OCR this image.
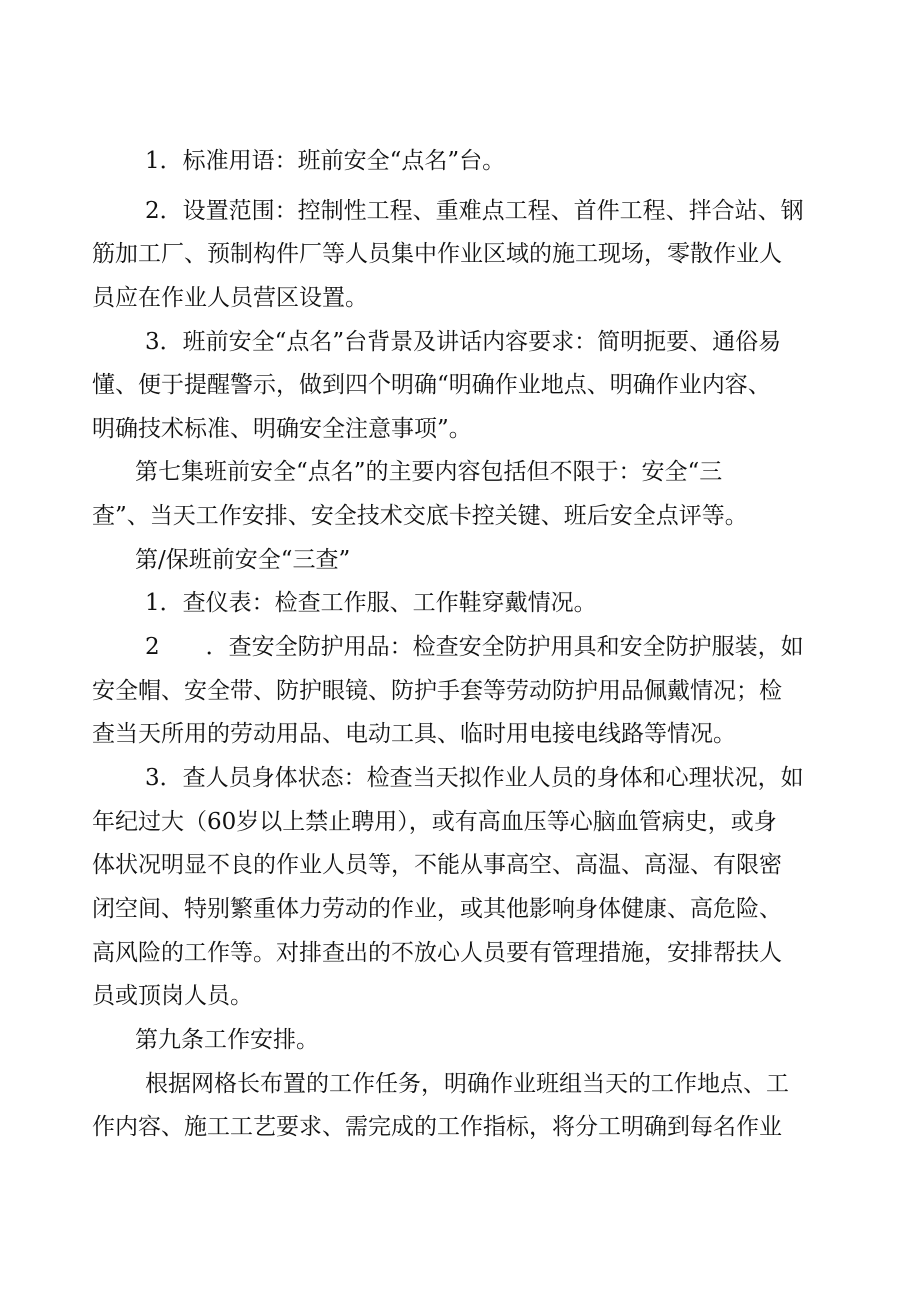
1．标准用语：班前安全“点名”台。
2．设置范围：控制性工程、重难点工程、首件工程、拌合站、钢
筋加工厂、预制构件厂等人员集中作业区域的施工现场，零散作业人
员应在作业人员营区设置。
3．班前安全“点名”台背景及讲话内容要求：简明扼要、通俗易
懂、便于提醒警示，做到四个明确“明确作业地点、明确作业内容、
明确技术标准、明确安全注意事项”。
第七集班前安全“点名”的主要内容包括但不限于：安全“三
查”、当天工作安排、安全技术交底卡控关键、班后安全点评等。
第/保班前安全“三查”
1．查仪表：检查工作服、工作鞋穿戴情况。
2　　．查安全防护用品：检查安全防护用具和安全防护服装，如
安全帽、安全带、防护眼镜、防护手套等劳动防护用品佩戴情况；检
查当天所用的劳动用品、电动工具、临时用电接电线路等情况。
3．查人员身体状态：检查当天拟作业人员的身体和心理状况，如
年纪过大（60岁以上禁止聘用），或有高血压等心脑血管病史，或身
体状况明显不良的作业人员等，不能从事高空、高温、高湿、有限密
闭空间、特别繁重体力劳动的作业，或其他影响身体健康、高危险、
高风险的工作等。对排查出的不放心人员要有管理措施，安排帮扶人
员或顶岗人员。
第九条工作安排。
根据网格长布置的工作任务，明确作业班组当天的工作地点、工
作内容、施工工艺要求、需完成的工作指标，将分工明确到每名作业
